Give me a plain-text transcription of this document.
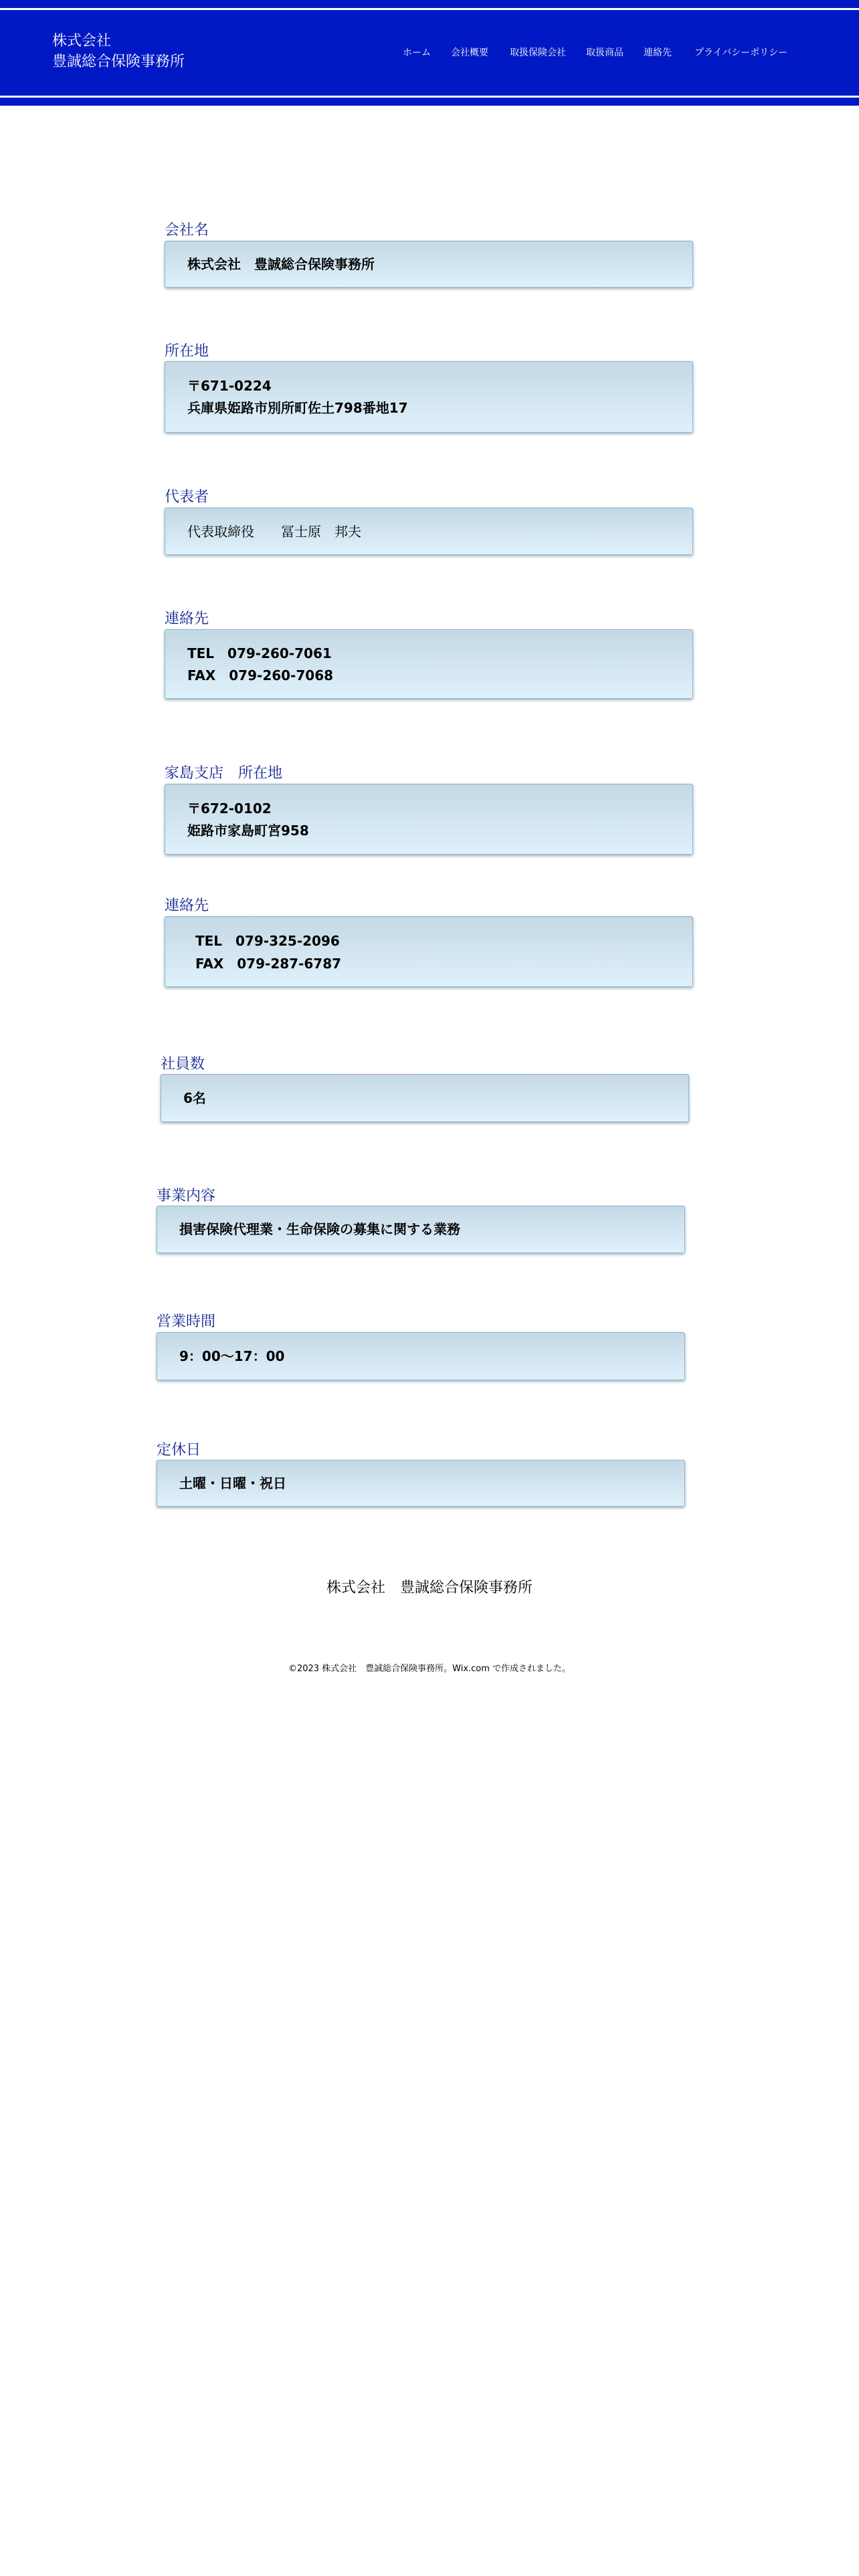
株式会社
豊誠総合保険事務所
ホーム 会社概要 取扱保険会社 取扱商品 連絡先 プライバシーポリシー
会社名
株式会社　豊誠総合保険事務所
所在地
〒671-0224
兵庫県姫路市別所町佐土798番地17
代表者
代表取締役　　冨士原　邦夫
連絡先
TEL　079-260-7061
FAX　079-260-7068
家島支店　所在地
〒672-0102
姫路市家島町宮958
連絡先
TEL　079-325-2096
FAX　079-287-6787
社員数
6名
事業内容
損害保険代理業・生命保険の募集に関する業務
営業時間
9：00〜17：00
定休日
土曜・日曜・祝日
株式会社　豊誠総合保険事務所
©2023 株式会社　豊誠総合保険事務所。Wix.com で作成されました。
